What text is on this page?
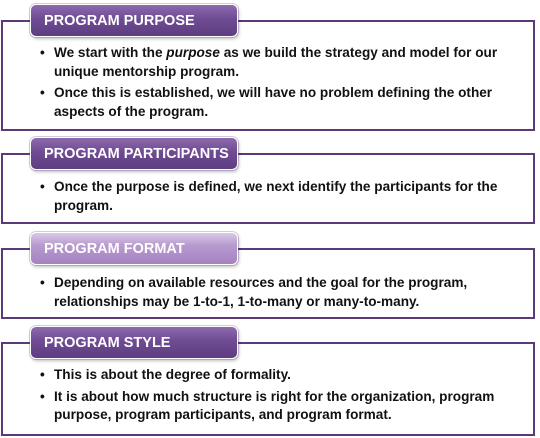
PROGRAM PURPOSE
• We start with the purpose as we build the strategy and model for our unique mentorship program.
• Once this is established, we will have no problem defining the other aspects of the program.
PROGRAM PARTICIPANTS
• Once the purpose is defined, we next identify the participants for the program.
PROGRAM FORMAT
• Depending on available resources and the goal for the program, relationships may be 1-to-1, 1-to-many or many-to-many.
PROGRAM STYLE
• This is about the degree of formality.
• It is about how much structure is right for the organization, program purpose, program participants, and program format.
